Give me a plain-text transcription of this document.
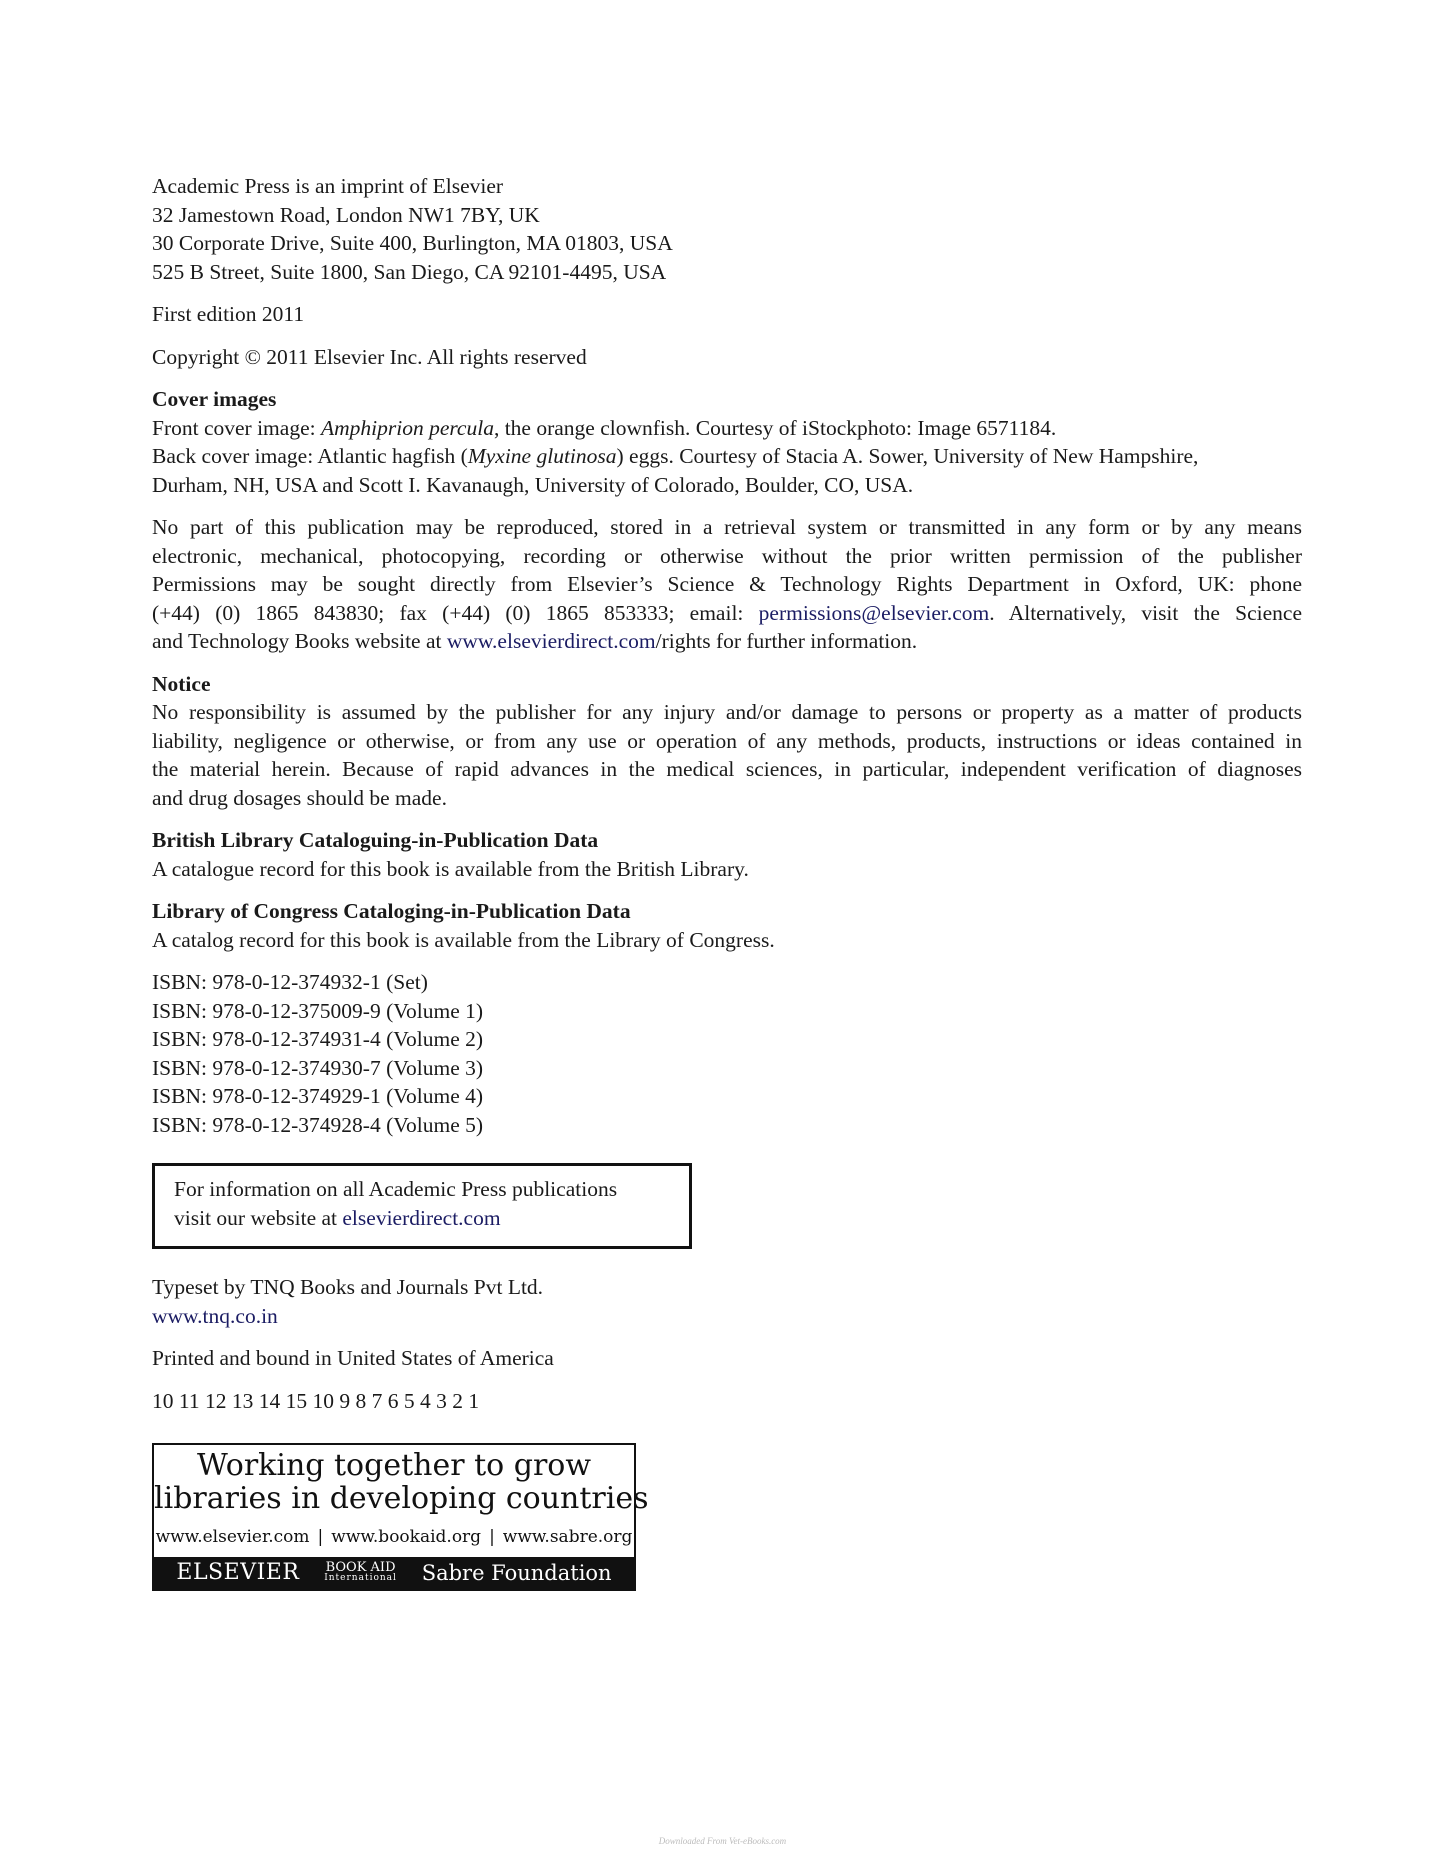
Academic Press is an imprint of Elsevier
32 Jamestown Road, London NW1 7BY, UK
30 Corporate Drive, Suite 400, Burlington, MA 01803, USA
525 B Street, Suite 1800, San Diego, CA 92101-4495, USA
First edition 2011
Copyright © 2011 Elsevier Inc. All rights reserved
Cover images
Front cover image: Amphiprion percula, the orange clownfish. Courtesy of iStockphoto: Image 6571184.
Back cover image: Atlantic hagfish (Myxine glutinosa) eggs. Courtesy of Stacia A. Sower, University of New Hampshire,
Durham, NH, USA and Scott I. Kavanaugh, University of Colorado, Boulder, CO, USA.
No part of this publication may be reproduced, stored in a retrieval system or transmitted in any form or by any means
electronic, mechanical, photocopying, recording or otherwise without the prior written permission of the publisher
Permissions may be sought directly from Elsevier’s Science & Technology Rights Department in Oxford, UK: phone
(+44) (0) 1865 843830; fax (+44) (0) 1865 853333; email: permissions@elsevier.com. Alternatively, visit the Science
and Technology Books website at www.elsevierdirect.com/rights for further information.
Notice
No responsibility is assumed by the publisher for any injury and/or damage to persons or property as a matter of products
liability, negligence or otherwise, or from any use or operation of any methods, products, instructions or ideas contained in
the material herein. Because of rapid advances in the medical sciences, in particular, independent verification of diagnoses
and drug dosages should be made.
British Library Cataloguing-in-Publication Data
A catalogue record for this book is available from the British Library.
Library of Congress Cataloging-in-Publication Data
A catalog record for this book is available from the Library of Congress.
ISBN: 978-0-12-374932-1 (Set)
ISBN: 978-0-12-375009-9 (Volume 1)
ISBN: 978-0-12-374931-4 (Volume 2)
ISBN: 978-0-12-374930-7 (Volume 3)
ISBN: 978-0-12-374929-1 (Volume 4)
ISBN: 978-0-12-374928-4 (Volume 5)
For information on all Academic Press publications
visit our website at elsevierdirect.com
Typeset by TNQ Books and Journals Pvt Ltd.
www.tnq.co.in
Printed and bound in United States of America
10 11 12 13 14 15 10 9 8 7 6 5 4 3 2 1
Working together to grow
libraries in developing countries
www.elsevier.com | www.bookaid.org | www.sabre.org
ELSEVIER BOOK AID
International Sabre Foundation
Downloaded From Vet-eBooks.com
